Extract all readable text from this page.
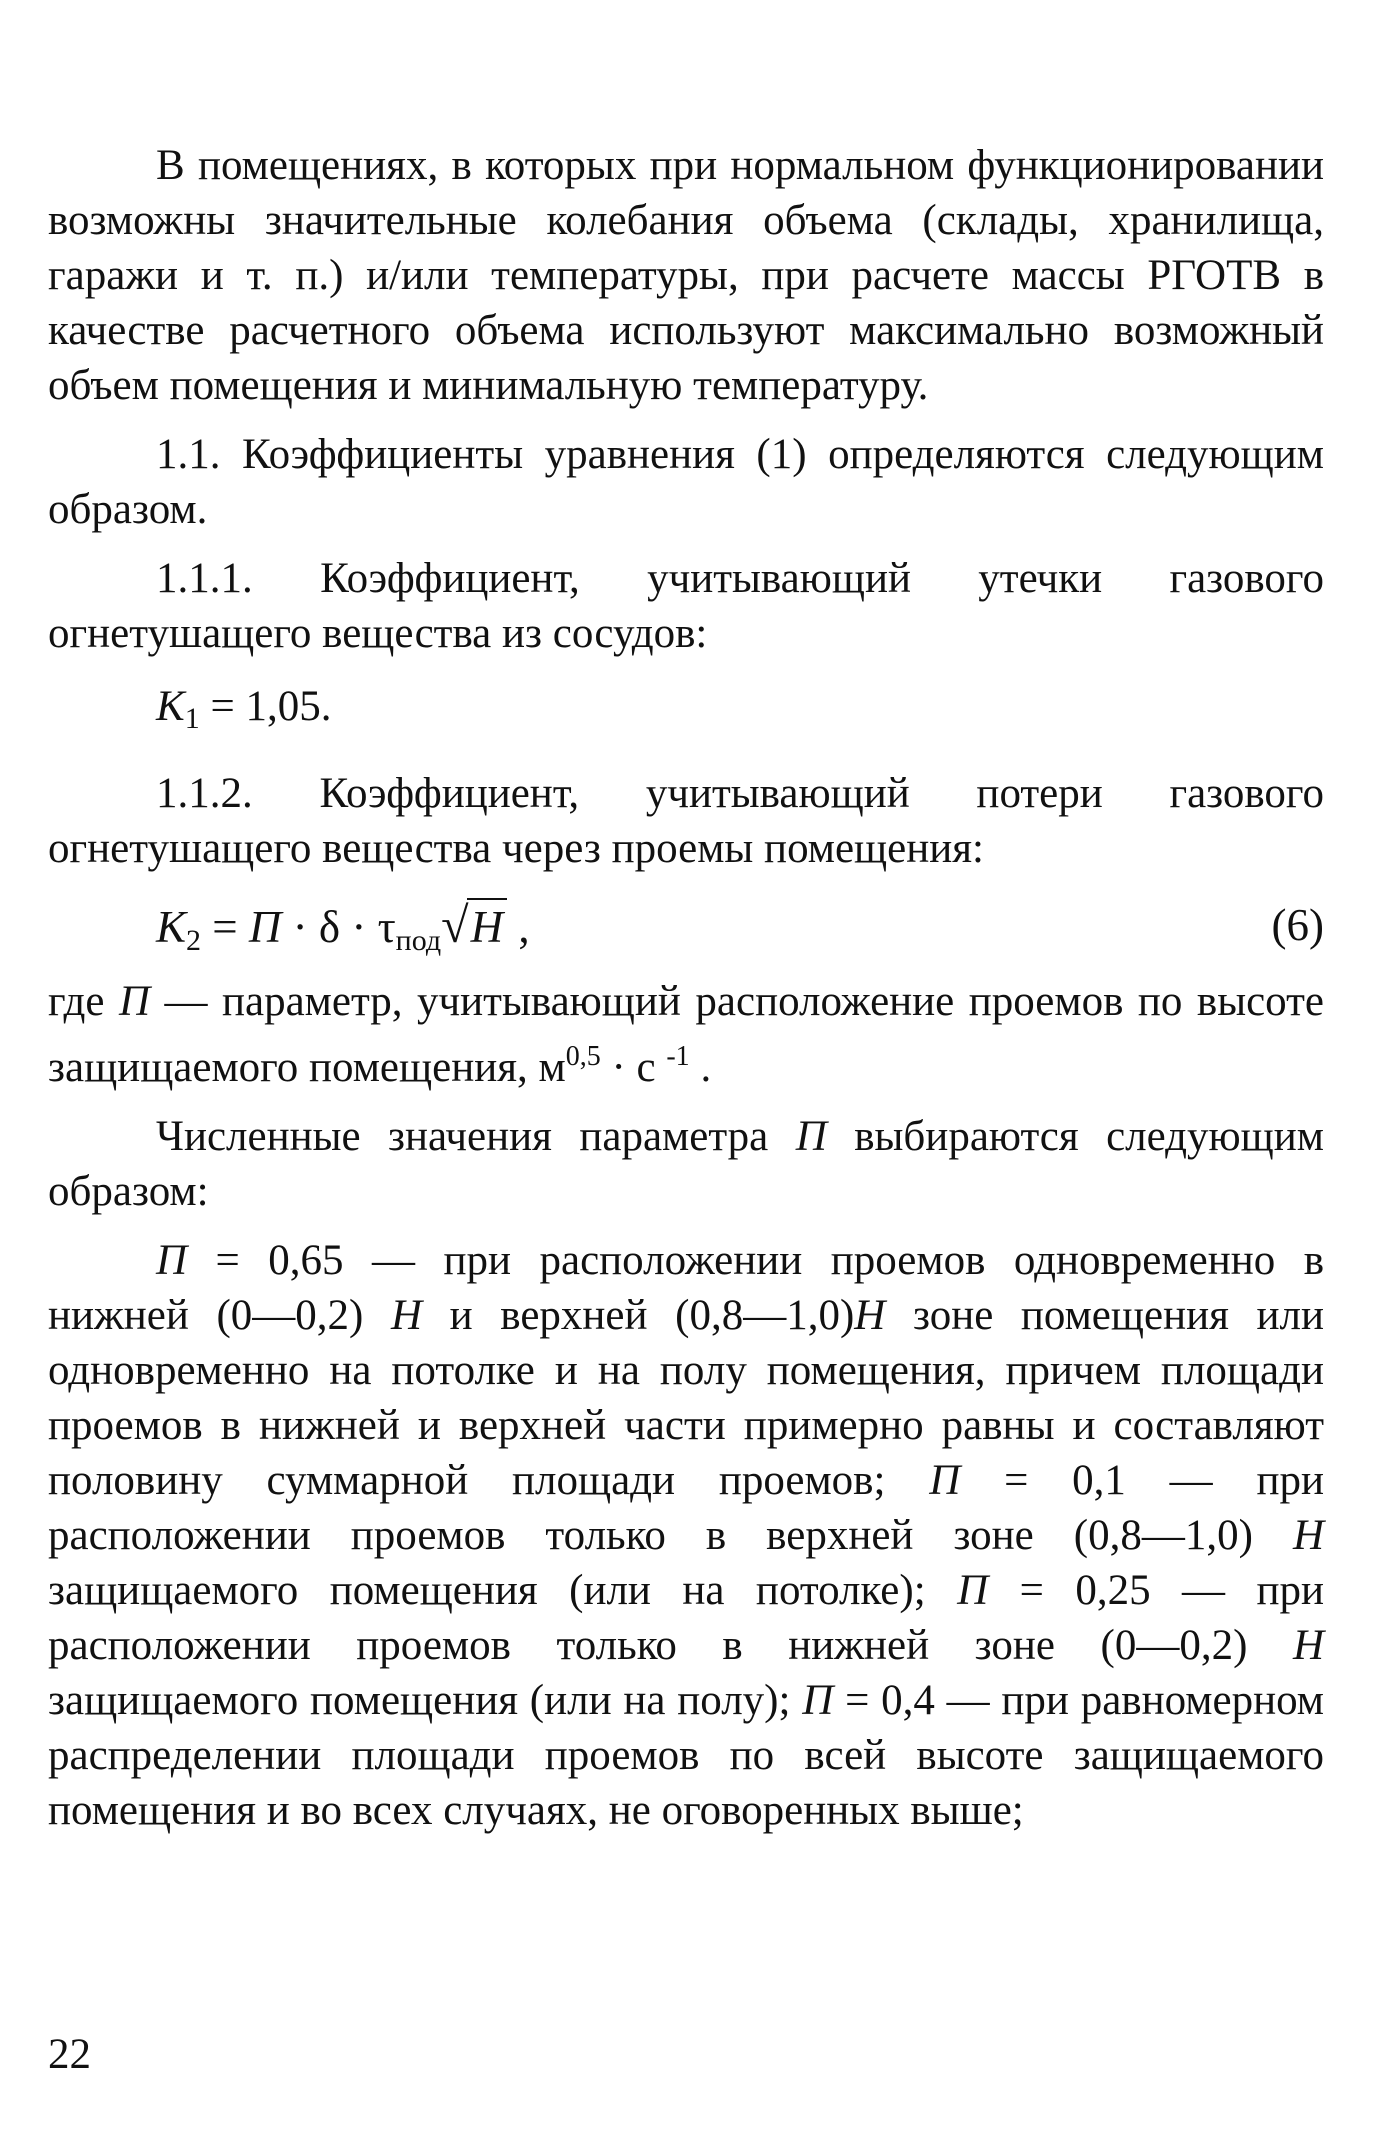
В помещениях, в которых при нормальном функционировании возможны значительные колебания объема (склады, хранилища, гаражи и т. п.) и/или температуры, при расчете массы РГОТВ в качестве расчетного объема используют максимально возможный объем помещения и минимальную температуру.

1.1. Коэффициенты уравнения (1) определяются следующим образом.

1.1.1. Коэффициент, учитывающий утечки газового огнетушащего вещества из сосудов:

$K_1 = 1,05$.

1.1.2. Коэффициент, учитывающий потери газового огнетушащего вещества через проемы помещения:

$K_2 = П \cdot \delta \cdot \tau_{под}√H$ ,	(6)

где П — параметр, учитывающий расположение проемов по высоте защищаемого помещения, $м^{0,5} \cdot с$ $^{-1}$ .

Численные значения параметра П выбираются следующим образом:

П = 0,65 — при расположении проемов одновременно в нижней (0—0,2) H и верхней (0,8—1,0)H зоне помещения или одновременно на потолке и на полу помещения, причем площади проемов в нижней и верхней части примерно равны и составляют половину суммарной площади проемов; П = 0,1 — при расположении проемов только в верхней зоне (0,8—1,0) H защищаемого помещения (или на потолке); П = 0,25 — при расположении проемов только в нижней зоне (0—0,2) H защищаемого помещения (или на полу); П = 0,4 — при равномерном распределении площади проемов по всей высоте защищаемого помещения и во всех случаях, не оговоренных выше;

22
